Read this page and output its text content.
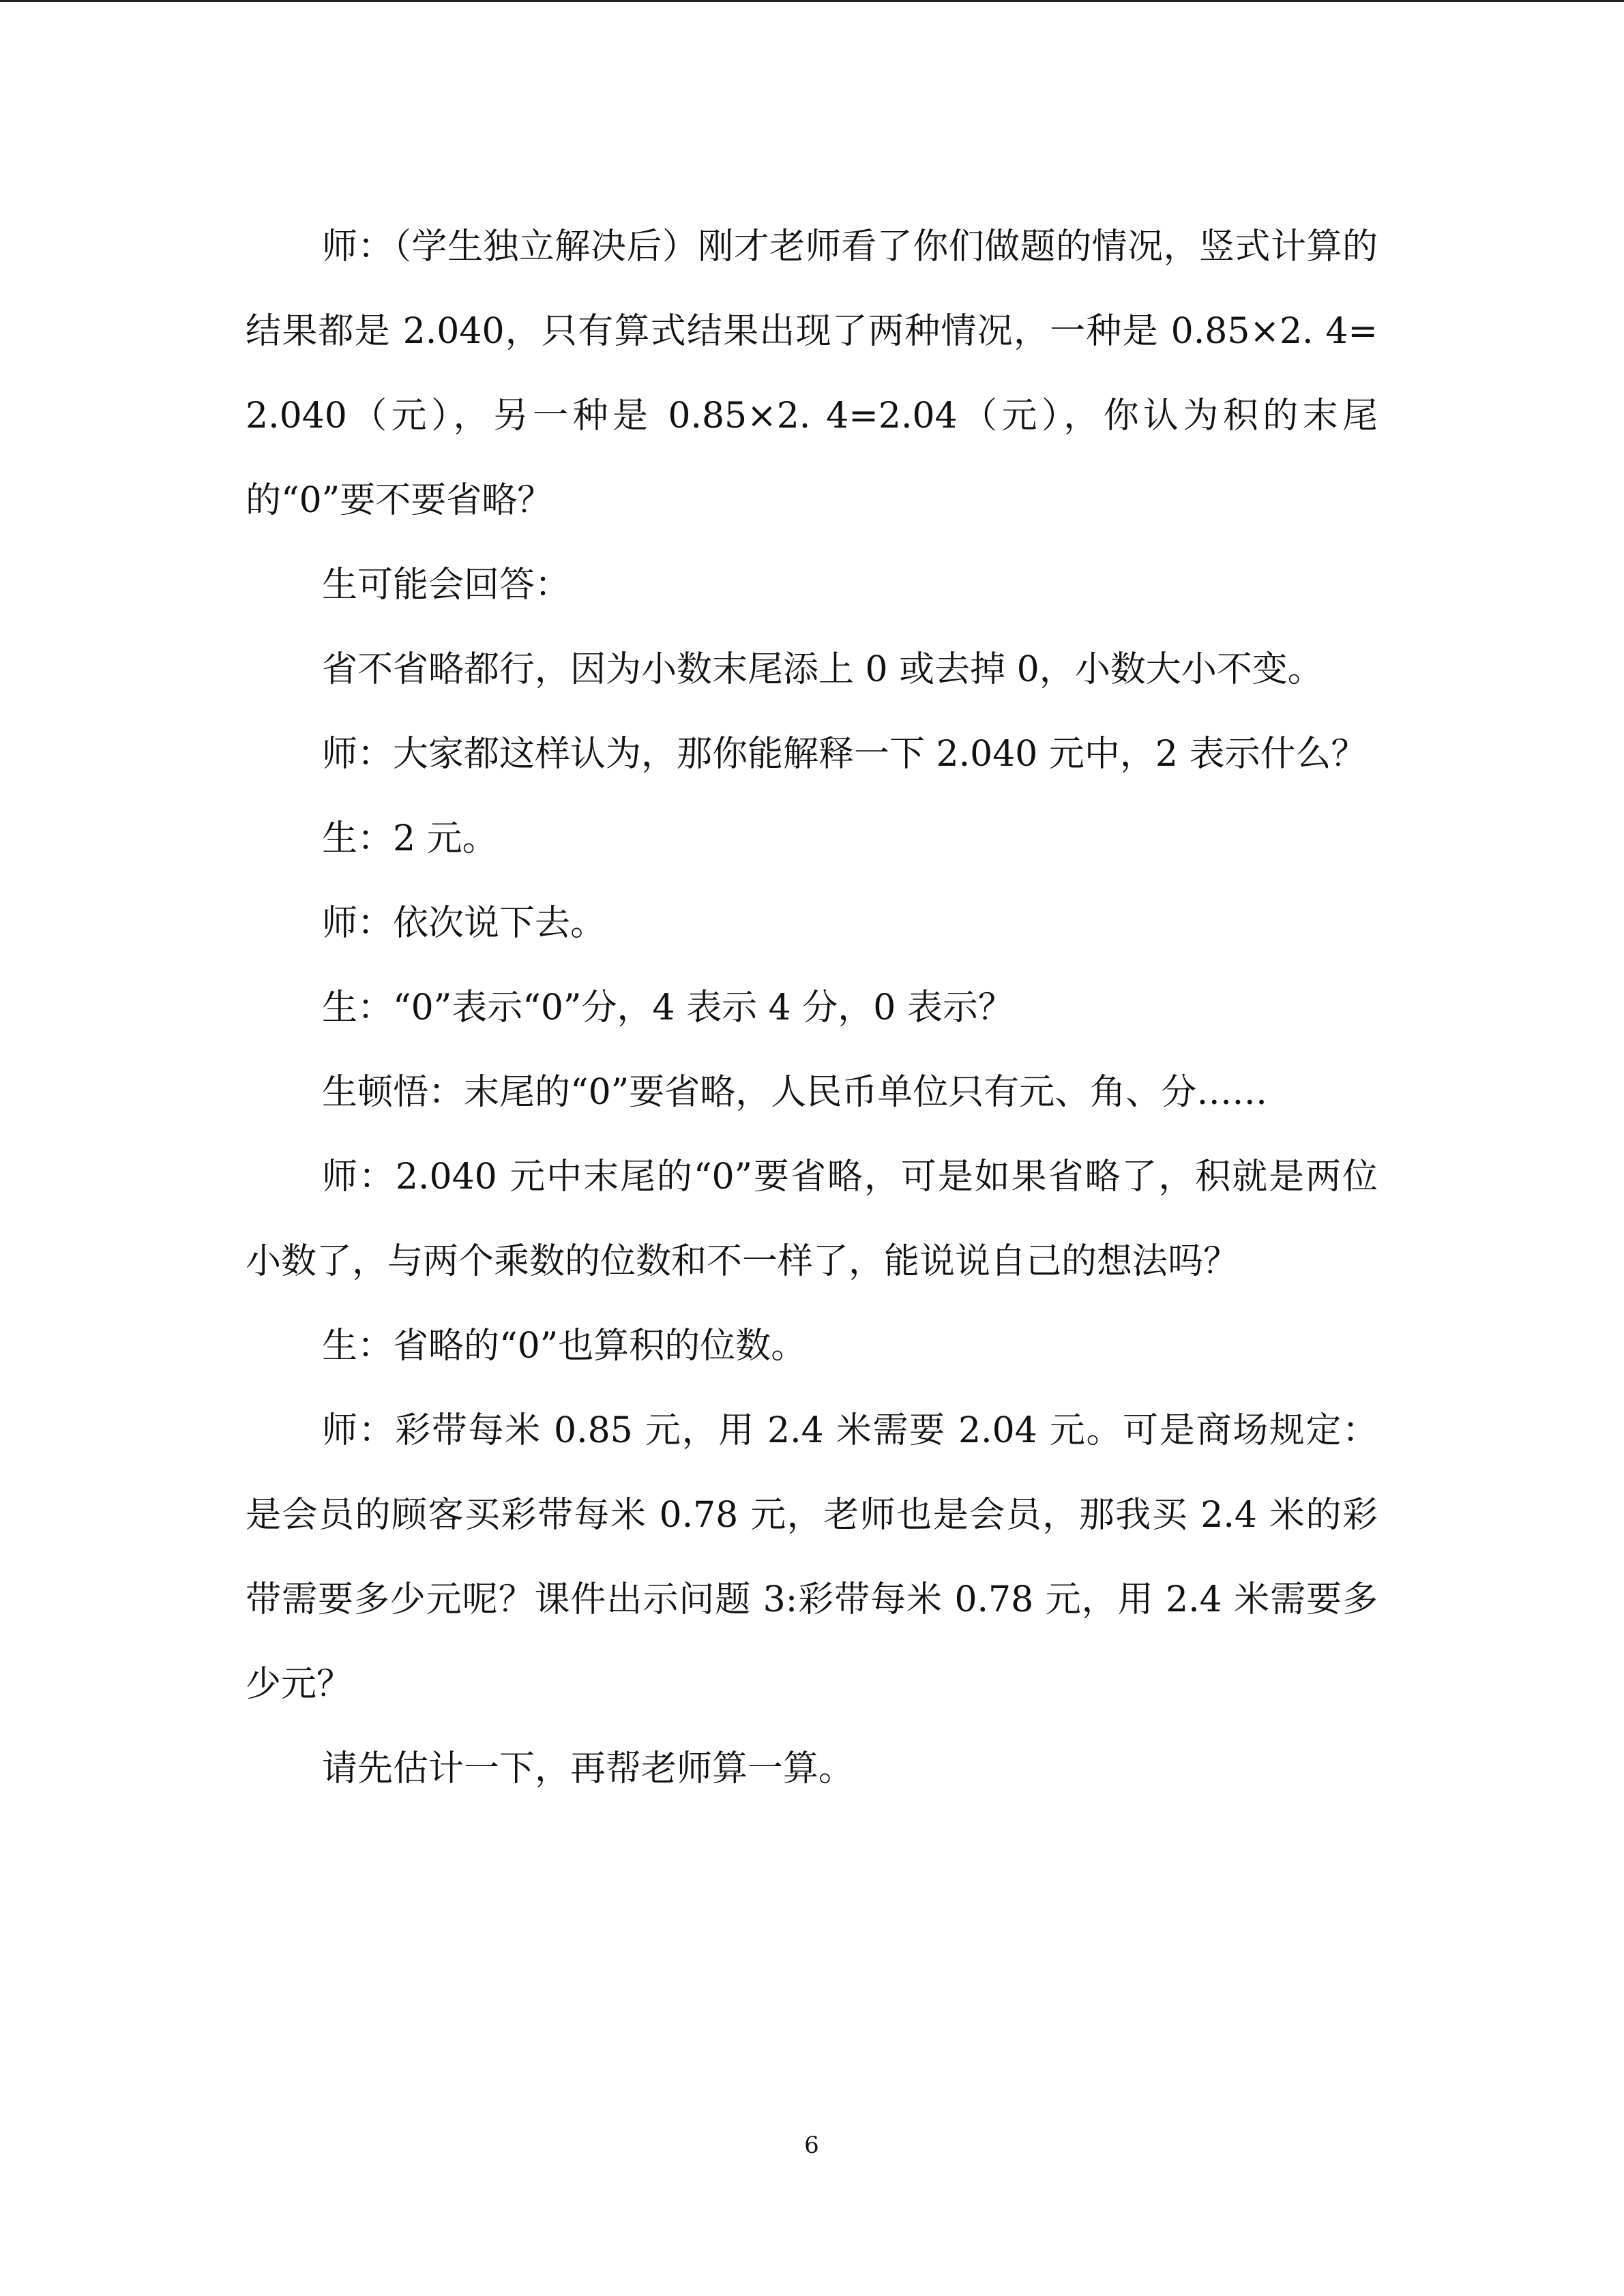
师：（学生独立解决后）刚才老师看了你们做题的情况，竖式计算的结果都是 2.040，只有算式结果出现了两种情况，一种是 0.85×2. 4=2.040（元），另一种是 0.85×2. 4=2.04（元），你认为积的末尾的“0”要不要省略？

生可能会回答：

省不省略都行，因为小数末尾添上 0 或去掉 0，小数大小不变。

师：大家都这样认为，那你能解释一下 2.040 元中，2 表示什么？

生：2 元。

师：依次说下去。

生：“0”表示“0”分，4 表示 4 分，0 表示？

生顿悟：末尾的“0”要省略，人民币单位只有元、角、分……

师：2.040 元中末尾的“0”要省略，可是如果省略了，积就是两位小数了，与两个乘数的位数和不一样了，能说说自己的想法吗？

生：省略的“0”也算积的位数。

师：彩带每米 0.85 元，用 2.4 米需要 2.04 元。可是商场规定：是会员的顾客买彩带每米 0.78 元，老师也是会员，那我买 2.4 米的彩带需要多少元呢？课件出示问题 3:彩带每米 0.78 元，用 2.4 米需要多少元？

请先估计一下，再帮老师算一算。

6
